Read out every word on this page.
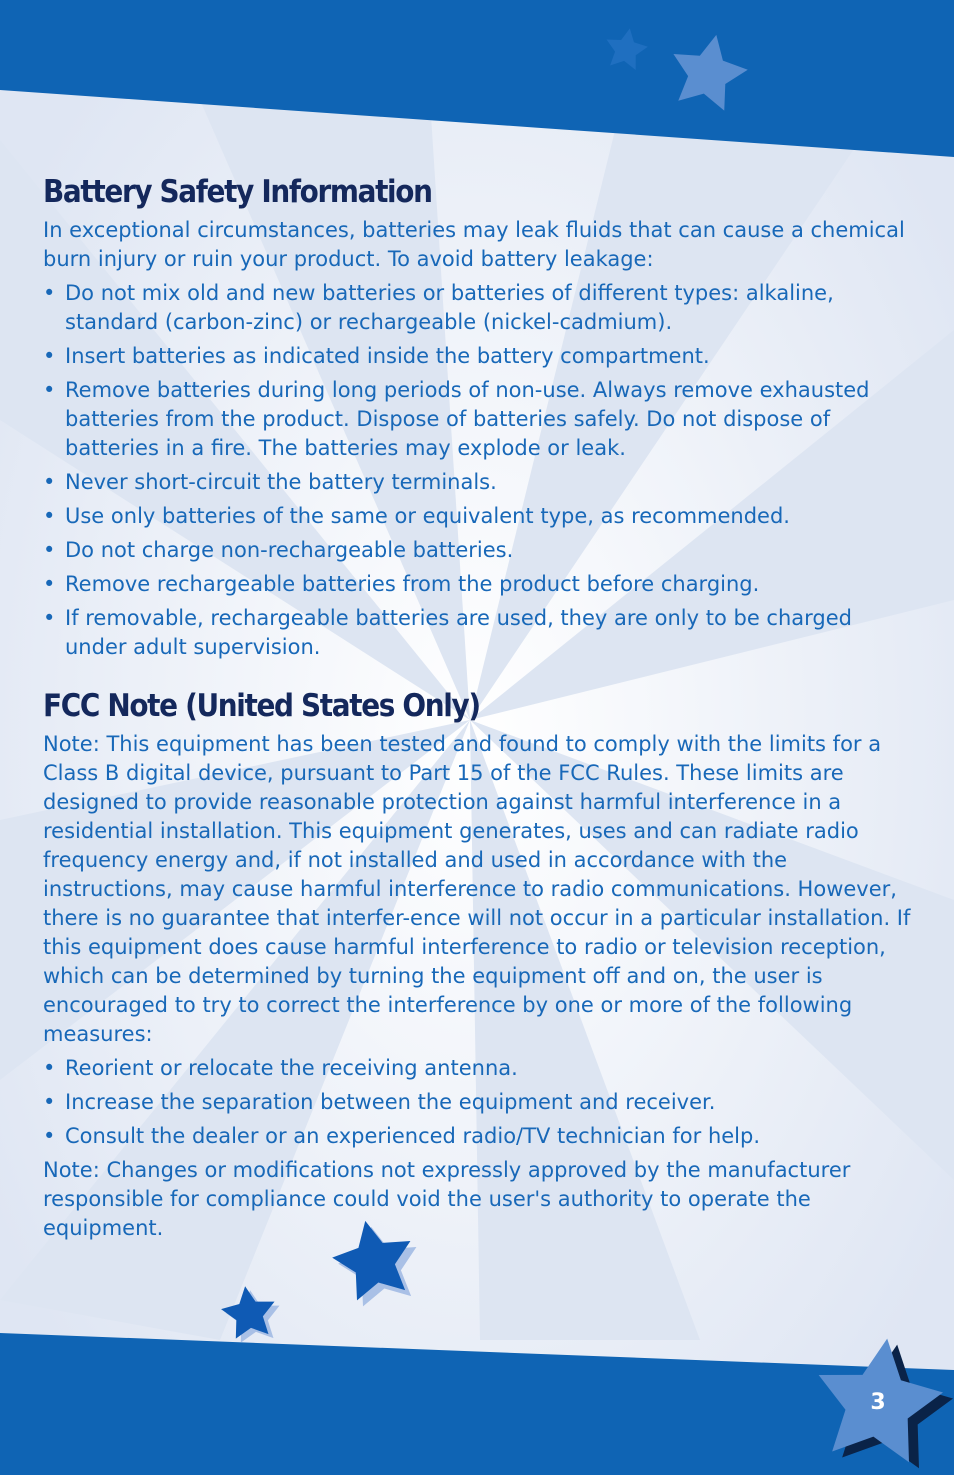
Battery Safety Information

In exceptional circumstances, batteries may leak fluids that can cause a chemical burn injury or ruin your product. To avoid battery leakage:

• Do not mix old and new batteries or batteries of different types: alkaline, standard (carbon-zinc) or rechargeable (nickel-cadmium).
• Insert batteries as indicated inside the battery compartment.
• Remove batteries during long periods of non-use. Always remove exhausted batteries from the product. Dispose of batteries safely. Do not dispose of batteries in a fire. The batteries may explode or leak.
• Never short-circuit the battery terminals.
• Use only batteries of the same or equivalent type, as recommended.
• Do not charge non-rechargeable batteries.
• Remove rechargeable batteries from the product before charging.
• If removable, rechargeable batteries are used, they are only to be charged under adult supervision.
FCC Note (United States Only)

Note: This equipment has been tested and found to comply with the limits for a Class B digital device, pursuant to Part 15 of the FCC Rules. These limits are designed to provide reasonable protection against harmful interference in a residential installation. This equipment generates, uses and can radiate radio frequency energy and, if not installed and used in accordance with the instructions, may cause harmful interference to radio communications. However, there is no guarantee that interfer-ence will not occur in a particular installation. If this equipment does cause harmful interference to radio or television reception, which can be determined by turning the equipment off and on, the user is encouraged to try to correct the interference by one or more of the following measures:

• Reorient or relocate the receiving antenna.
• Increase the separation between the equipment and receiver.
• Consult the dealer or an experienced radio/TV technician for help.

Note: Changes or modifications not expressly approved by the manufacturer responsible for compliance could void the user's authority to operate the equipment.

3
